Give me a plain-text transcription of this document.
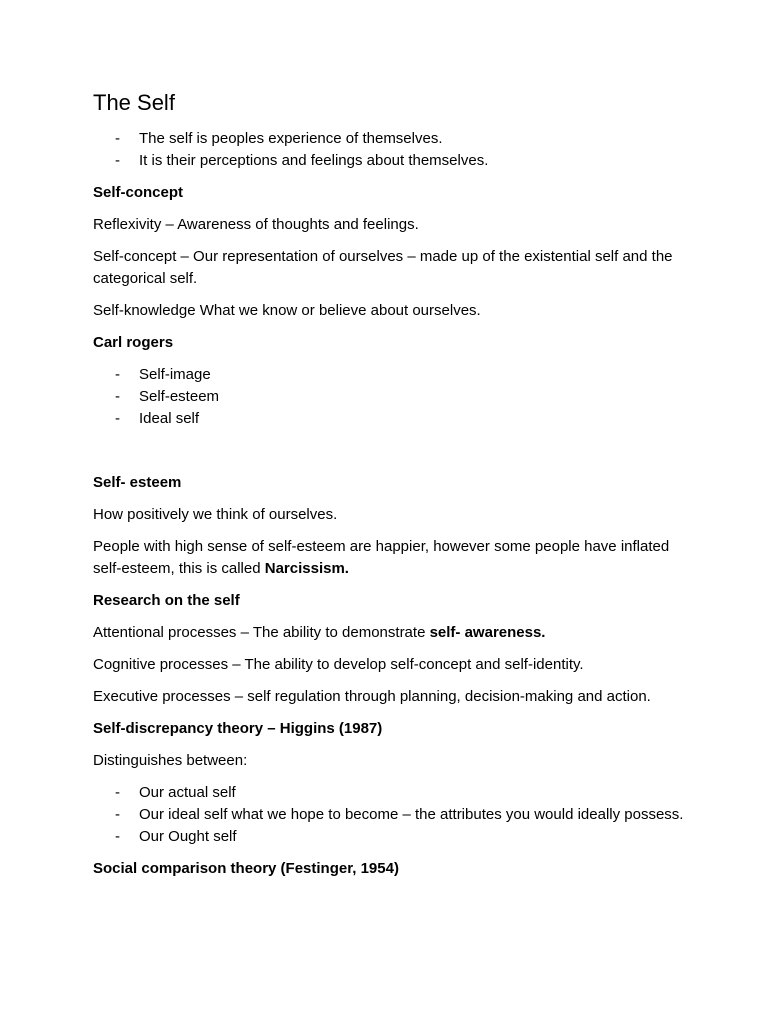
The Self
- The self is peoples experience of themselves.
- It is their perceptions and feelings about themselves.
Self-concept
Reflexivity – Awareness of thoughts and feelings.
Self-concept – Our representation of ourselves – made up of the existential self and the categorical self.
Self-knowledge What we know or believe about ourselves.
Carl rogers
- Self-image
- Self-esteem
- Ideal self
Self- esteem
How positively we think of ourselves.
People with high sense of self-esteem are happier, however some people have inflated self-esteem, this is called Narcissism.
Research on the self
Attentional processes – The ability to demonstrate self- awareness.
Cognitive processes – The ability to develop self-concept and self-identity.
Executive processes – self regulation through planning, decision-making and action.
Self-discrepancy theory – Higgins (1987)
Distinguishes between:
- Our actual self
- Our ideal self what we hope to become – the attributes you would ideally possess.
- Our Ought self
Social comparison theory (Festinger, 1954)
